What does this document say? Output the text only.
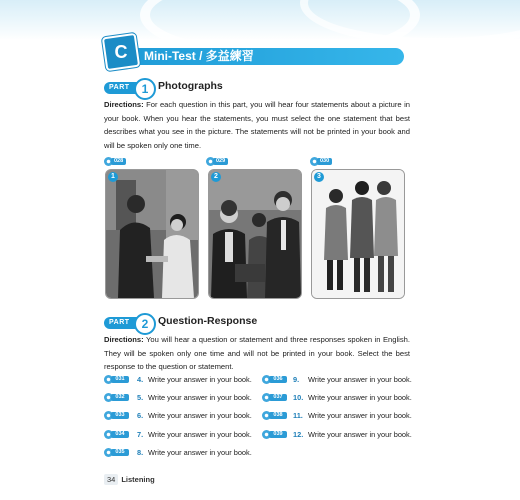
C	Mini-Test / 多益練習
PART	1 Photographs
Directions: For each question in this part, you will hear four statements about a picture in your book. When you hear the statements, you must select the one statement that best describes what you see in the picture. The statements will not be printed in your book and will be spoken only one time.
028	029	030
1	2	3
PART	2 Question-Response
Directions: You will hear a question or statement and three responses spoken in English. They will be spoken only one time and will not be printed in your book. Select the best response to the question or statement.
031	4. Write your answer in your book.
032	5. Write your answer in your book.
033	6. Write your answer in your book.
034	7. Write your answer in your book.
035	8. Write your answer in your book.
036	9. Write your answer in your book.
037	10. Write your answer in your book.
038	11. Write your answer in your book.
039	12. Write your answer in your book.
34 Listening
